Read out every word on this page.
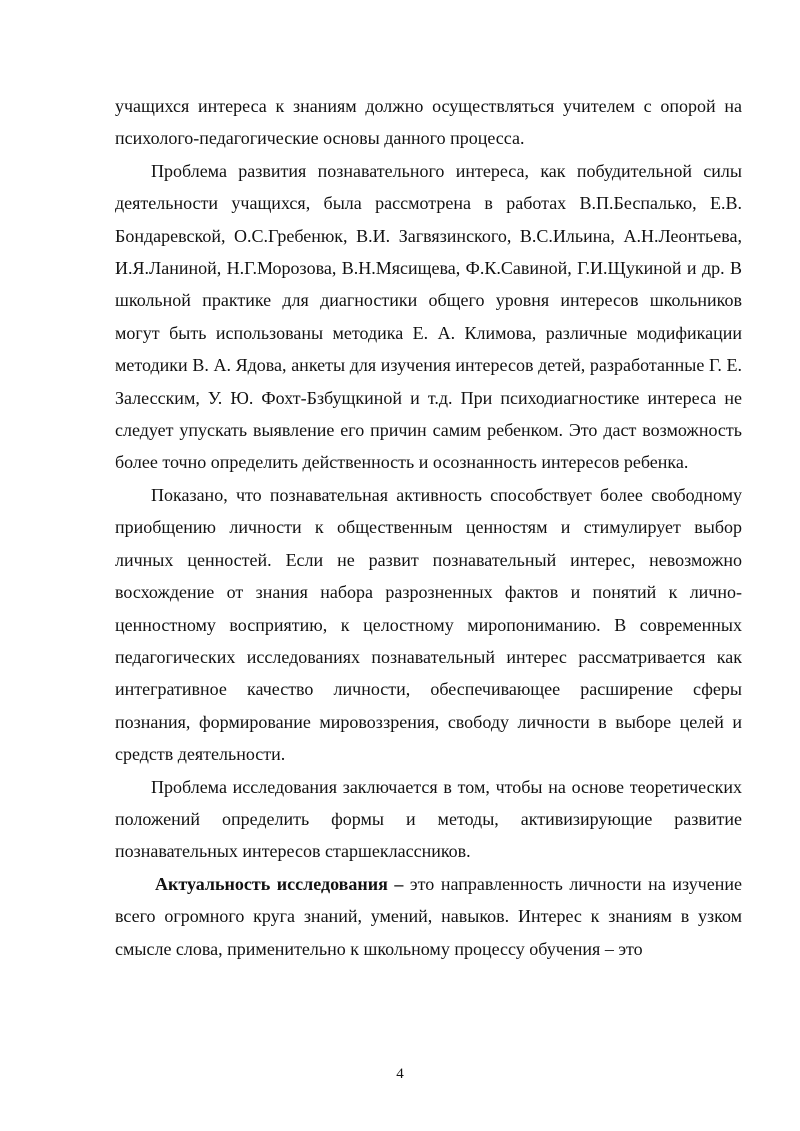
учащихся интереса к знаниям должно осуществляться учителем с опорой на психолого-педагогические основы данного процесса.

Проблема развития познавательного интереса, как побудительной силы деятельности учащихся, была рассмотрена в работах В.П.Беспалько, Е.В. Бондаревской, О.С.Гребенюк, В.И. Загвязинского, В.С.Ильина, А.Н.Леонтьева, И.Я.Ланиной, Н.Г.Морозова, В.Н.Мясищева, Ф.К.Савиной, Г.И.Щукиной и др. В школьной практике для диагностики общего уровня интересов школьников могут быть использованы методика Е. А. Климова, различные модификации методики В. А. Ядова, анкеты для изучения интересов детей, разработанные Г. Е. Залесским, У. Ю. Фохт-Бзбущкиной и т.д. При психодиагностике интереса не следует упускать выявление его причин самим ребенком. Это даст возможность более точно определить действенность и осознанность интересов ребенка.

Показано, что познавательная активность способствует более свободному приобщению личности к общественным ценностям и стимулирует выбор личных ценностей. Если не развит познавательный интерес, невозможно восхождение от знания набора разрозненных фактов и понятий к лично-ценностному восприятию, к целостному миропониманию. В современных педагогических исследованиях познавательный интерес рассматривается как интегративное качество личности, обеспечивающее расширение сферы познания, формирование мировоззрения, свободу личности в выборе целей и средств деятельности.

Проблема исследования заключается в том, чтобы на основе теоретических положений определить формы и методы, активизирующие развитие познавательных интересов старшеклассников.

Актуальность исследования – это направленность личности на изучение всего огромного круга знаний, умений, навыков. Интерес к знаниям в узком смысле слова, применительно к школьному процессу обучения – это

4
